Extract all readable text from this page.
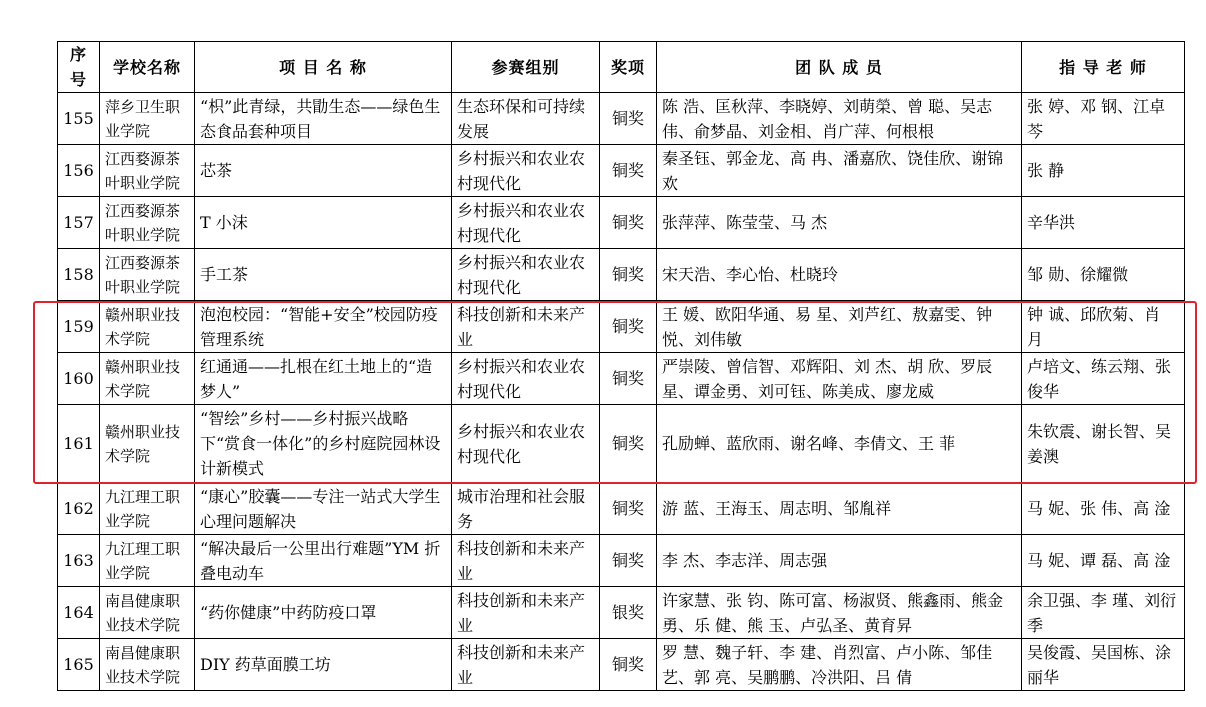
序号	学校名称	项 目 名 称	参赛组别	奖项	团 队 成 员	指 导 老 师
155	萍乡卫生职业学院	“枳”此青绿，共勖生态——绿色生态食品套种项目	生态环保和可持续发展	铜奖	陈 浩、匡秋萍、李晓婷、刘萌榮、曾 聪、吴志伟、俞梦晶、刘金相、肖广萍、何根根	张 婷、邓 钢、江卓芩
156	江西婺源茶叶职业学院	芯茶	乡村振兴和农业农村现代化	铜奖	秦圣钰、郭金龙、高 冉、潘嘉欣、饶佳欣、谢锦欢	张 静
157	江西婺源茶叶职业学院	T 小沫	乡村振兴和农业农村现代化	铜奖	张萍萍、陈莹莹、马 杰	辛华洪
158	江西婺源茶叶职业学院	手工茶	乡村振兴和农业农村现代化	铜奖	宋天浩、李心怡、杜晓玲	邹 勋、徐耀微
159	赣州职业技术学院	泡泡校园：“智能+安全”校园防疫管理系统	科技创新和未来产业	铜奖	王 媛、欧阳华通、易 星、刘芦红、敖嘉雯、钟 悦、刘伟敏	钟 诚、邱欣菊、肖 月
160	赣州职业技术学院	红通通——扎根在红土地上的“造梦人”	乡村振兴和农业农村现代化	铜奖	严崇陵、曾信智、邓辉阳、刘 杰、胡 欣、罗辰星、谭金勇、刘可钰、陈美成、廖龙威	卢培文、练云翔、张俊华
161	赣州职业技术学院	“智绘”乡村——乡村振兴战略下“赏食一体化”的乡村庭院园林设计新模式	乡村振兴和农业农村现代化	铜奖	孔励蝉、蓝欣雨、谢名峰、李倩文、王 菲	朱钦震、谢长智、吴姜澳
162	九江理工职业学院	“康心”胶囊——专注一站式大学生心理问题解决	城市治理和社会服务	铜奖	游 蓝、王海玉、周志明、邹胤祥	马 妮、张 伟、高 淦
163	九江理工职业学院	“解决最后一公里出行难题”YM 折叠电动车	科技创新和未来产业	铜奖	李 杰、李志洋、周志强	马 妮、谭 磊、高 淦
164	南昌健康职业技术学院	“药你健康”中药防疫口罩	科技创新和未来产业	银奖	许家慧、张 钧、陈可富、杨淑贤、熊鑫雨、熊金勇、乐 健、熊 玉、卢弘圣、黄育昇	余卫强、李 瑾、刘衍季
165	南昌健康职业技术学院	DIY 药草面膜工坊	科技创新和未来产业	铜奖	罗 慧、魏子轩、李 建、肖烈富、卢小陈、邹佳艺、郭 亮、吴鹏鹏、冷洪阳、吕 倩	吴俊霞、吴国栋、涂丽华
